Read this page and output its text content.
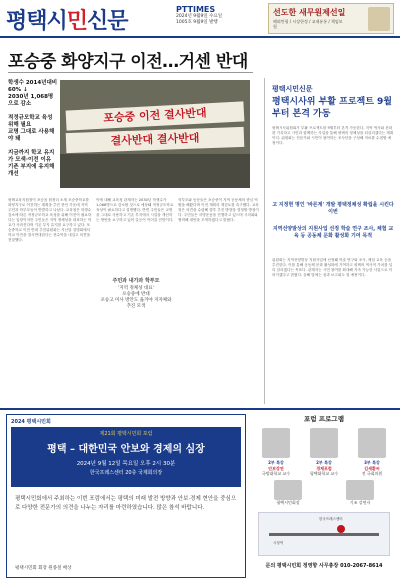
평택시민신문	PTTIMES
2024년 9월9일 수요일
1005호 9월9일 발행
선도한 새무원제선일
해외만평 / 시장한정 / 교재유통 / 책임보험
포승중 화양지구 이전…거센 반대
학생수 2014년대비 60% ↓
2030년 1,068명으로 감소

적정규모학교 육성 위해 필요
교명 그대로 사용해야 돼

지금까지 학교 유지가 모색·이전 이유
기존 부지에 유지해 개선
포승중 이전 결사반대
결사반대 결사반대
평택교육지원청이 포승읍 원정리 소재 포승중학교를 화양지구로 이전하는 계획을 추진 중인 가운데 지역 주민과 학부모들이 반발하고 나섰다. 교육청은 학생수 감소에 따른 적정규모학교 육성을 위해 이전이 필요하다는 입장이지만 주민들은 지역 정체성을 대표하는 학교가 사라진다며 기존 부지 유지를 요구하고 있다. 포승중학교 이전 반대 추진위원회는 지난달 설명회에서 학교 이전을 결사반대한다는 현수막을 내걸고 의견을 전달했다.
이에 대해 교육청 관계자는 2030년 학생수가 1,068명으로 감소할 것으로 예상돼 적정규모학교 육성이 필요하다고 설명했다. 반면 주민들은 교명을 그대로 사용하고 기존 부지에서 시설을 개선하는 방안을 요구하고 있어 갈등이 이어질 전망이다.
주민과 내가과 학부모
'지역 정체성 대표'
포승중에 반대
포승고 미사 방안도 옮겨야 지자체와 추진 모색
학부모와 동문들은 포승중이 지역 공동체의 중심 역할을 해왔다며 이전 계획의 재검토를 촉구했다. 교육청은 의견을 수렴해 향후 추진 방향을 결정할 방침이다. 주민들은 서명운동을 진행하고 있으며 시의회와 협력해 대안을 모색하겠다고 밝혔다.
평택시민신문
평택시사위 부활 프로젝트 9월부터 본격 가동
평택시사위원회가 부활 프로젝트를 9월부터 본격 가동한다. 지역 역사와 문화를 기록하고 시민과 함께하는 사업을 통해 평택의 정체성을 되살리겠다는 계획이다. 위원회는 전문가와 시민이 참여하는 조사단을 구성해 자료를 수집할 예정이다.
고 지정현 명인 '바른계' 개발 평택정체성 확립을 시킨다 이번
지역선양발상의 지원사업 선정 학술 연구 조사, 체험 교육 등 공동체 문화 활성화 기여 목적
위원회는 지역선양발상 지원사업에 선정돼 학술 연구와 조사, 체험 교육 등을 추진한다. 이를 통해 공동체 문화 활성화에 기여하고 평택의 역사적 가치를 널리 알리겠다는 목표다. 관계자는 시민 참여를 확대해 지속 가능한 사업으로 이어가겠다고 밝혔다. 올해 말에는 성과 보고회도 열 예정이다.
2024 평택시민회
제21회 평택시민회 포럼
평택 – 대한민국 안보와 경제의 심장
2024년 9월 12일 목요일 오후 2시 30분
한국프레스센터 20층 국제회의장
평택시민회에서 주최하는 이번 포럼에서는 평택의 미래 발전 방향과 안보·경제 현안을 중심으로 다양한 전문가의 의견을 나누는 자리를 마련하였습니다. 많은 참석 바랍니다.
평택시민회 회장 원종철 배상
포럼 프로그램
2부 특강
안보강연
국방대학교 교수
2부 특강
경제포럼
평택대학교 교수
3부 특강
김세환씨
전 국회의원
평택시민회장	기조 강연자
한국프레스센터
시청역
문의 평택시민회 정영향 사무총장 010-2067-8614
